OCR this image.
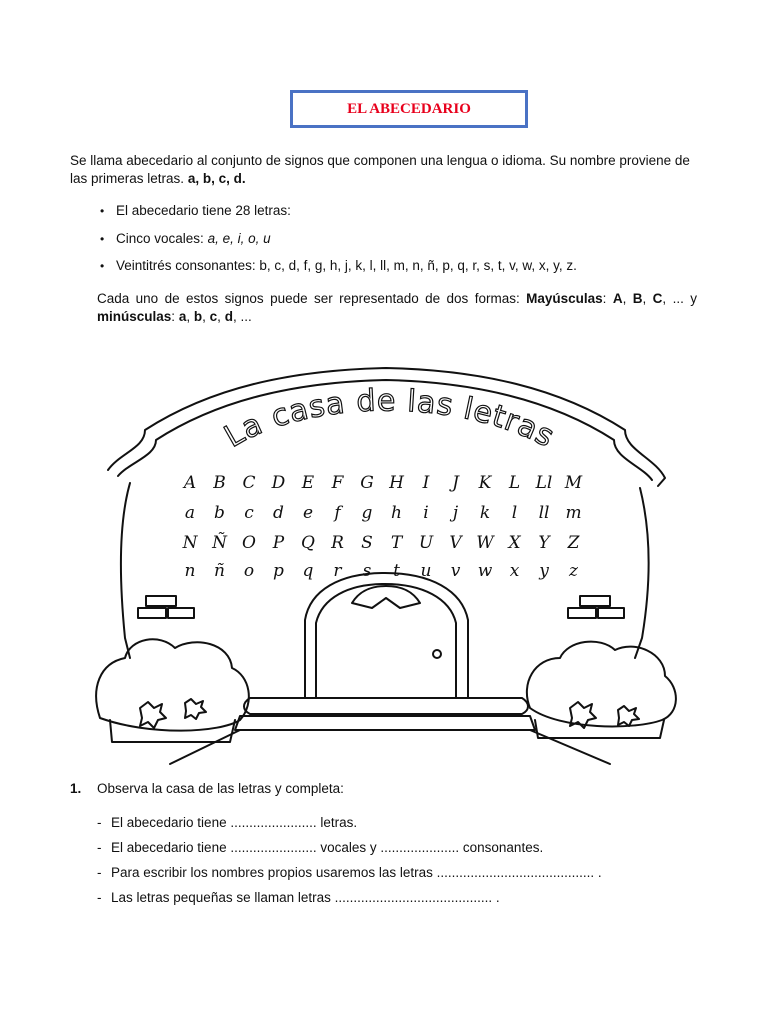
EL ABECEDARIO
Se llama abecedario al conjunto de signos que componen una lengua o idioma. Su nombre proviene de las primeras letras. a, b, c, d.
• El abecedario tiene 28 letras:
• Cinco vocales: a, e, i, o, u
• Veintitrés consonantes: b, c, d, f, g, h, j, k, l, ll, m, n, ñ, p, q, r, s, t, v, w, x, y, z.
Cada uno de estos signos puede ser representado de dos formas: Mayúsculas: A, B, C, ... y minúsculas: a, b, c, d, ...
La casa de las letras
A B C D E F G H I J K L Ll M
a b c d e f g h i j k l ll m
N Ñ O P Q R S T U V W X Y Z
n ñ o p q r s t u v w x y z
1. Observa la casa de las letras y completa:
- El abecedario tiene ....................... letras.
- El abecedario tiene ....................... vocales y ..................... consonantes.
- Para escribir los nombres propios usaremos las letras .......................................... .
- Las letras pequeñas se llaman letras .......................................... .
